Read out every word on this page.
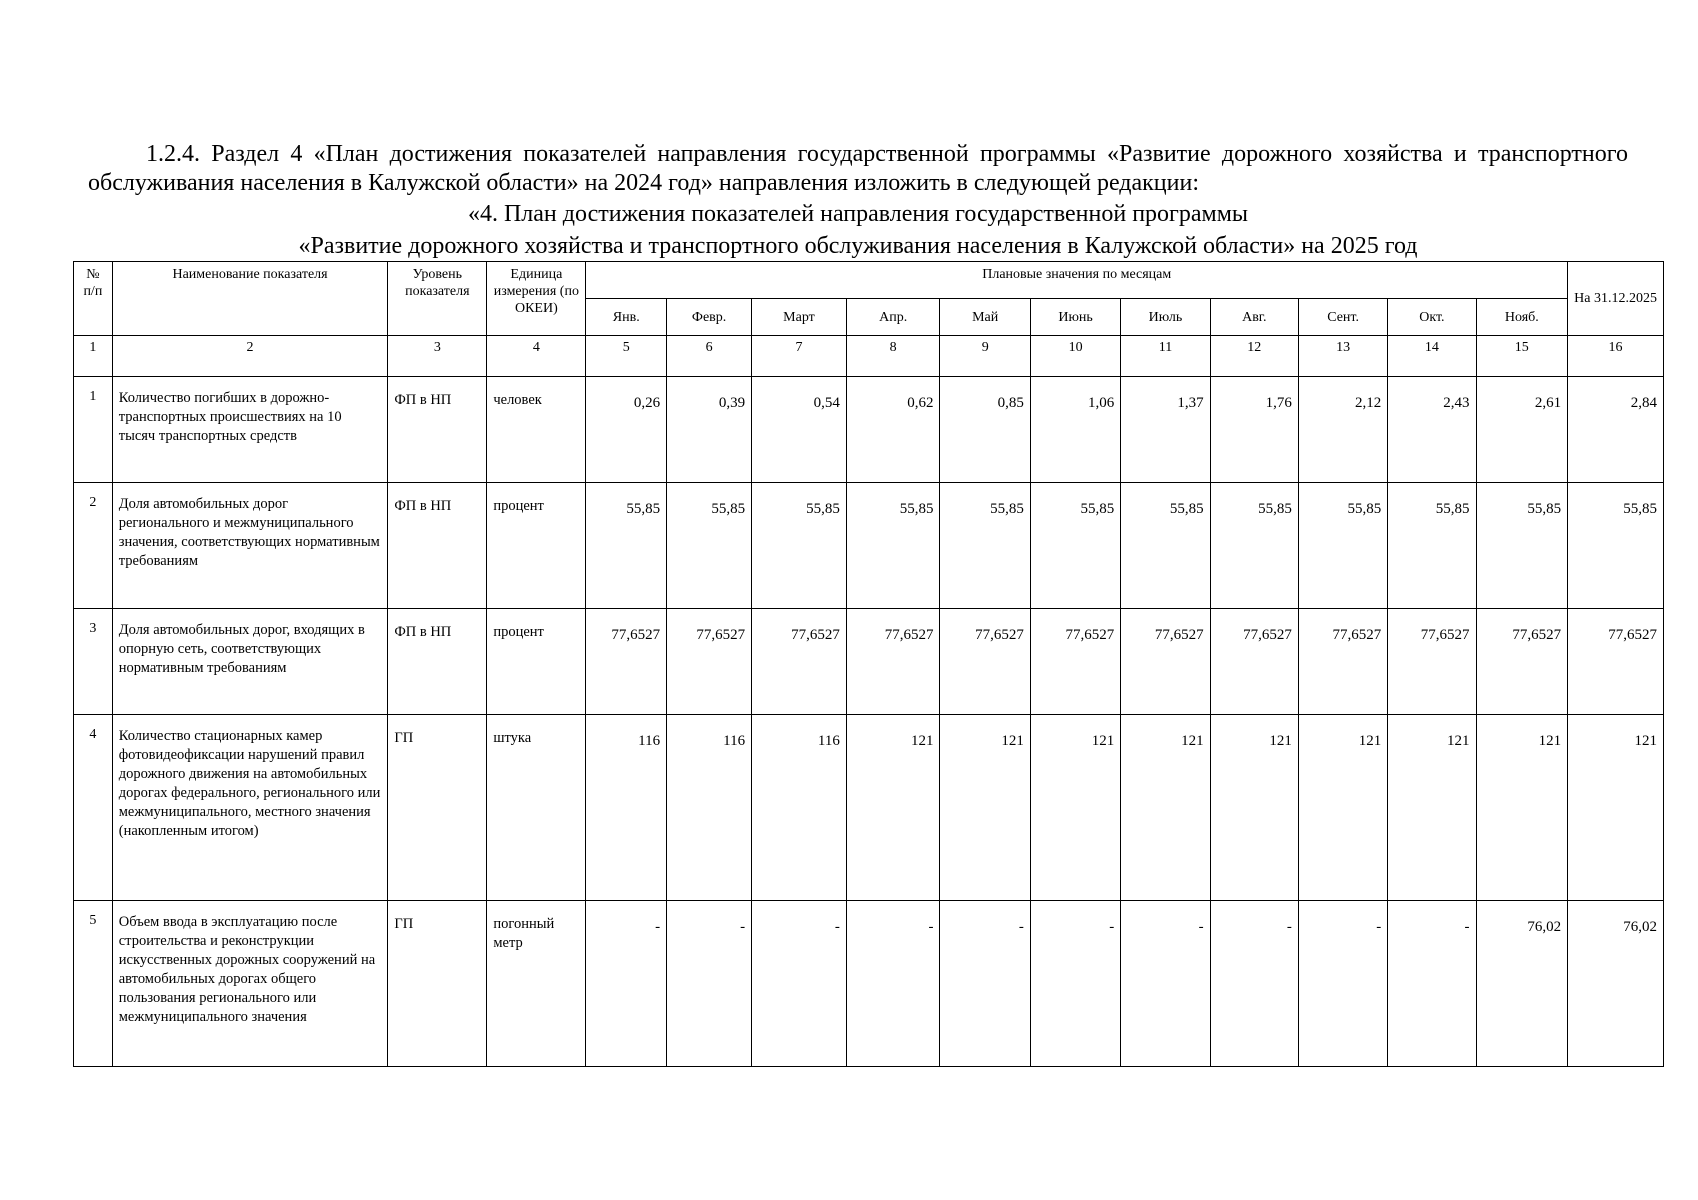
1.2.4. Раздел 4 «План достижения показателей направления государственной программы «Развитие дорожного хозяйства и транспортного обслуживания населения в Калужской области» на 2024 год» направления изложить в следующей редакции:
«4. План достижения показателей направления государственной программы
«Развитие дорожного хозяйства и транспортного обслуживания населения в Калужской области» на 2025 год
№ п/п	Наименование показателя	Уровень показателя	Единица измерения (по ОКЕИ)	Плановые значения по месяцам											На 31.12.2025
				Янв.	Февр.	Март	Апр.	Май	Июнь	Июль	Авг.	Сент.	Окт.	Нояб.	
1	2	3	4	5	6	7	8	9	10	11	12	13	14	15	16
1	Количество погибших в дорожно-транспортных происшествиях на 10 тысяч транспортных средств	ФП в НП	человек	0,26	0,39	0,54	0,62	0,85	1,06	1,37	1,76	2,12	2,43	2,61	2,84
2	Доля автомобильных дорог регионального и межмуниципального значения, соответствующих нормативным требованиям	ФП в НП	процент	55,85	55,85	55,85	55,85	55,85	55,85	55,85	55,85	55,85	55,85	55,85	55,85
3	Доля автомобильных дорог, входящих в опорную сеть, соответствующих нормативным требованиям	ФП в НП	процент	77,6527	77,6527	77,6527	77,6527	77,6527	77,6527	77,6527	77,6527	77,6527	77,6527	77,6527	77,6527
4	Количество стационарных камер фотовидеофиксации нарушений правил дорожного движения на автомобильных дорогах федерального, регионального или межмуниципального, местного значения (накопленным итогом)	ГП	штука	116	116	116	121	121	121	121	121	121	121	121	121
5	Объем ввода в эксплуатацию после строительства и реконструкции искусственных дорожных сооружений на автомобильных дорогах общего пользования регионального или межмуниципального значения	ГП	погонный метр	-	-	-	-	-	-	-	-	-	-	76,02	76,02
